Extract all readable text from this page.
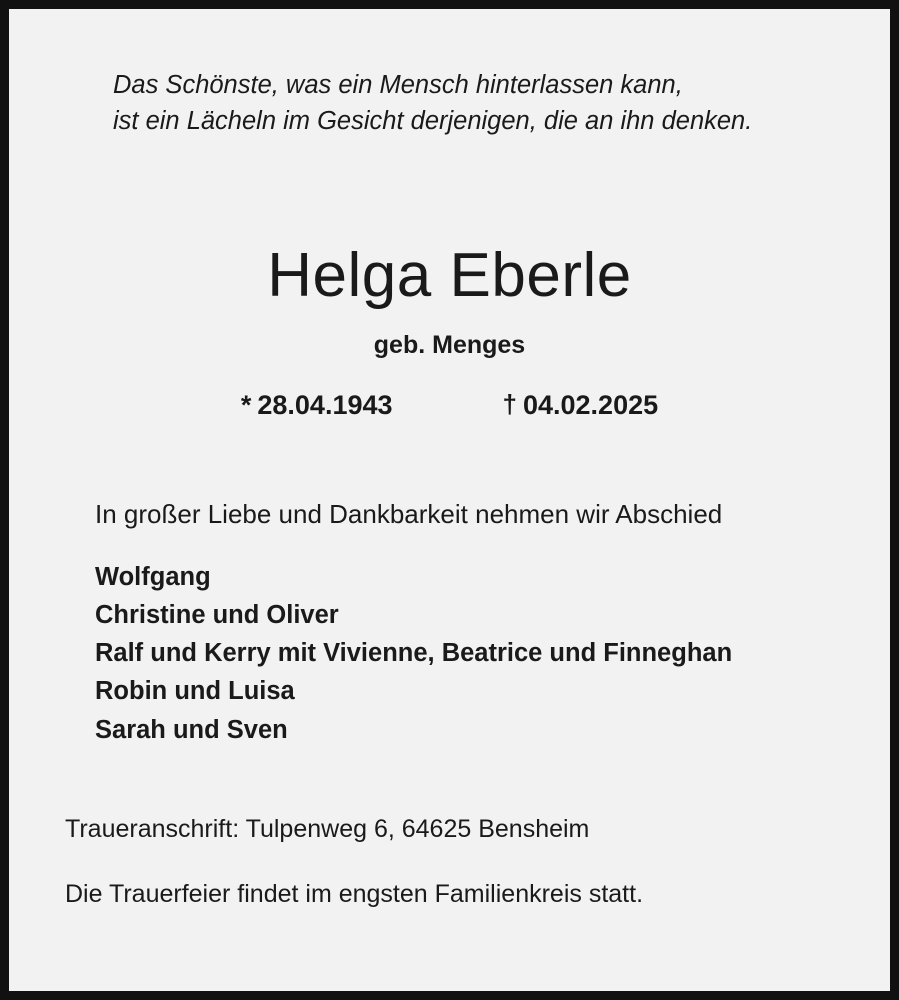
Das Schönste, was ein Mensch hinterlassen kann,
ist ein Lächeln im Gesicht derjenigen, die an ihn denken.
Helga Eberle
geb. Menges
* 28.04.1943	† 04.02.2025
In großer Liebe und Dankbarkeit nehmen wir Abschied
Wolfgang
Christine und Oliver
Ralf und Kerry mit Vivienne, Beatrice und Finneghan
Robin und Luisa
Sarah und Sven
Traueranschrift: Tulpenweg 6, 64625 Bensheim
Die Trauerfeier findet im engsten Familienkreis statt.
